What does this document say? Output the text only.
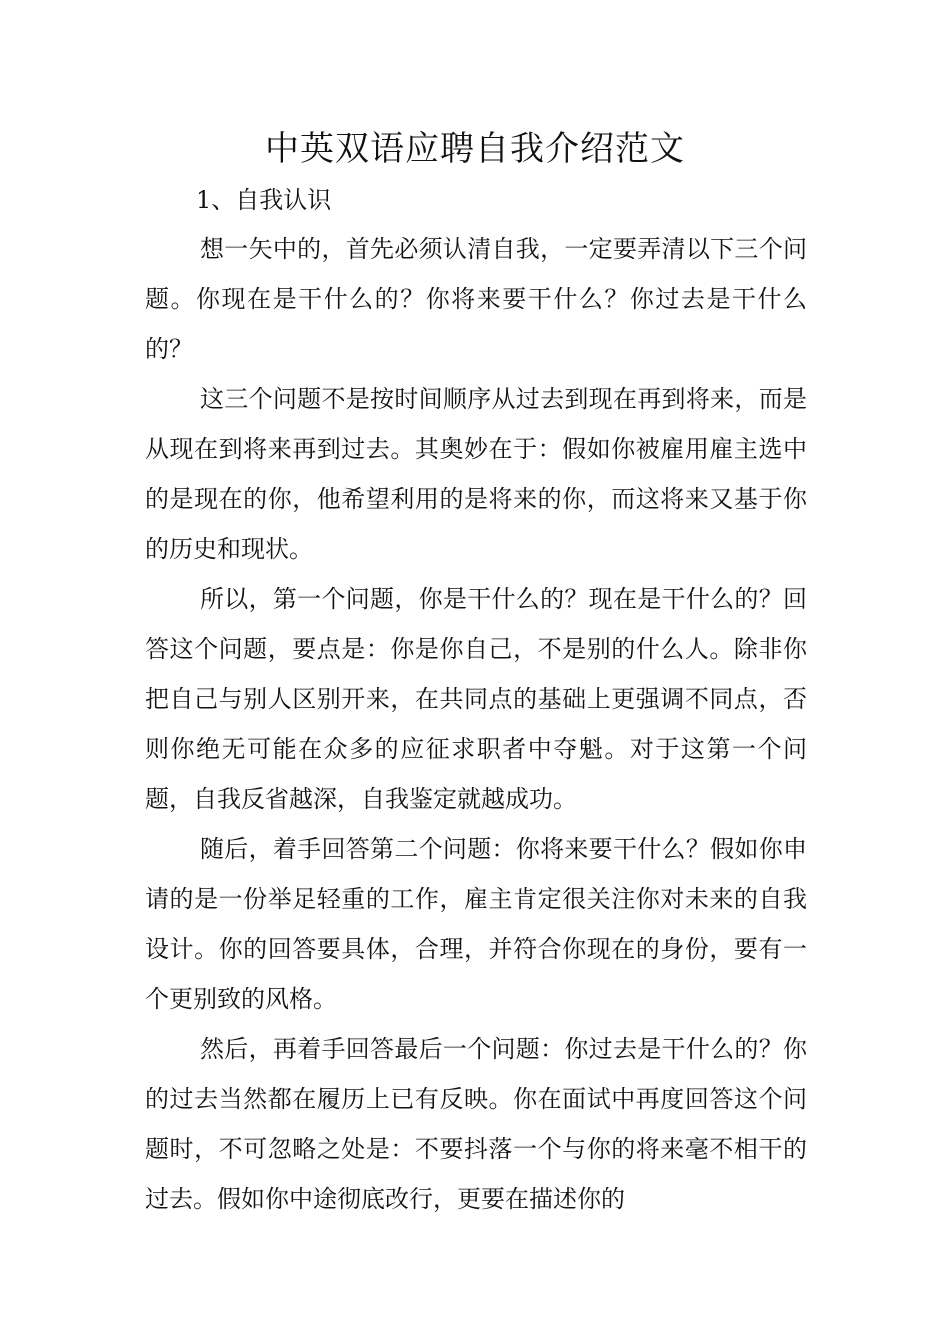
中英双语应聘自我介绍范文
1、自我认识

想一矢中的，首先必须认清自我，一定要弄清以下三个问题。你现在是干什么的？你将来要干什么？你过去是干什么的？

这三个问题不是按时间顺序从过去到现在再到将来，而是从现在到将来再到过去。其奥妙在于：假如你被雇用雇主选中的是现在的你，他希望利用的是将来的你，而这将来又基于你的历史和现状。

所以，第一个问题，你是干什么的？现在是干什么的？回答这个问题，要点是：你是你自己，不是别的什么人。除非你把自己与别人区别开来，在共同点的基础上更强调不同点，否则你绝无可能在众多的应征求职者中夺魁。对于这第一个问题，自我反省越深，自我鉴定就越成功。

随后，着手回答第二个问题：你将来要干什么？假如你申请的是一份举足轻重的工作，雇主肯定很关注你对未来的自我设计。你的回答要具体，合理，并符合你现在的身份，要有一个更别致的风格。

然后，再着手回答最后一个问题：你过去是干什么的？你的过去当然都在履历上已有反映。你在面试中再度回答这个问题时，不可忽略之处是：不要抖落一个与你的将来毫不相干的过去。假如你中途彻底改行，更要在描述你的
